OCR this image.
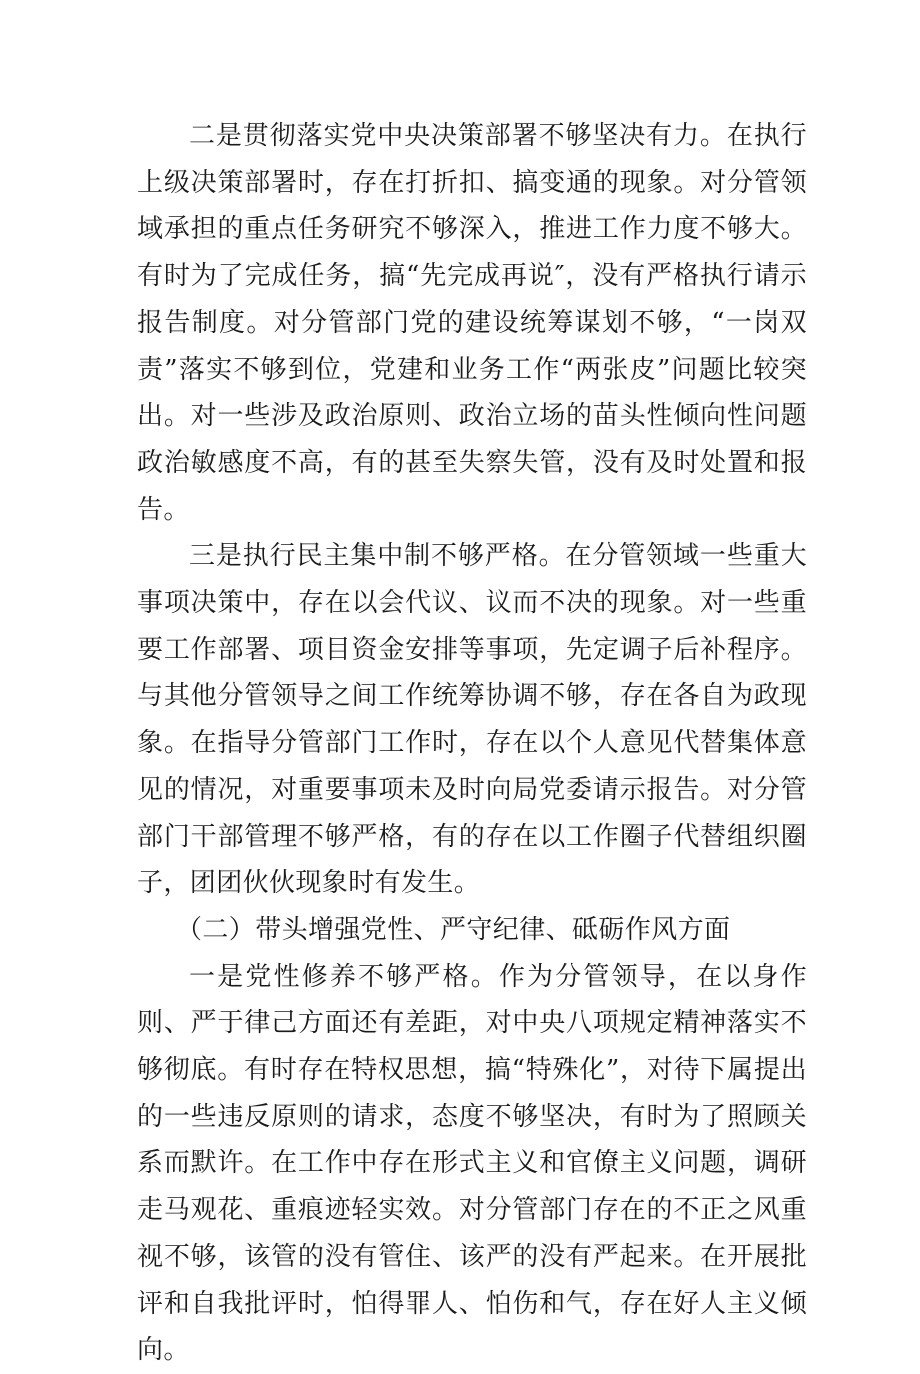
二是贯彻落实党中央决策部署不够坚决有力。在执行上级决策部署时，存在打折扣、搞变通的现象。对分管领域承担的重点任务研究不够深入，推进工作力度不够大。有时为了完成任务，搞“先完成再说″，没有严格执行请示报告制度。对分管部门党的建设统筹谋划不够，“一岗双责”落实不够到位，党建和业务工作“两张皮”问题比较突出。对一些涉及政治原则、政治立场的苗头性倾向性问题政治敏感度不高，有的甚至失察失管，没有及时处置和报告。

三是执行民主集中制不够严格。在分管领域一些重大事项决策中，存在以会代议、议而不决的现象。对一些重要工作部署、项目资金安排等事项，先定调子后补程序。与其他分管领导之间工作统筹协调不够，存在各自为政现象。在指导分管部门工作时，存在以个人意见代替集体意见的情况，对重要事项未及时向局党委请示报告。对分管部门干部管理不够严格，有的存在以工作圈子代替组织圈子，团团伙伙现象时有发生。

（二）带头增强党性、严守纪律、砥砺作风方面

一是党性修养不够严格。作为分管领导，在以身作则、严于律己方面还有差距，对中央八项规定精神落实不够彻底。有时存在特权思想，搞“特殊化”，对待下属提出的一些违反原则的请求，态度不够坚决，有时为了照顾关系而默许。在工作中存在形式主义和官僚主义问题，调研走马观花、重痕迹轻实效。对分管部门存在的不正之风重视不够，该管的没有管住、该严的没有严起来。在开展批评和自我批评时，怕得罪人、怕伤和气，存在好人主义倾向。
